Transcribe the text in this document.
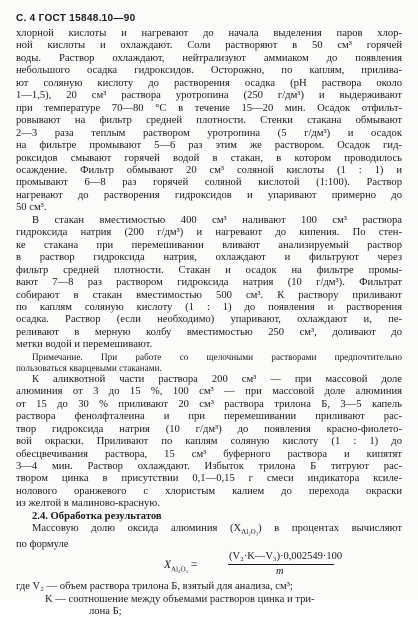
С. 4 ГОСТ 15848.10—90
хлорной кислоты и нагревают до начала выделения паров хлор-
ной кислоты и охлаждают. Соли растворяют в 50 см³ горячей
воды. Раствор охлаждают, нейтрализуют аммиаком до появления
небольшого осадка гидроксидов. Осторожно, по каплям, прилива-
ют соляную кислоту до растворения осадка (рН раствора около
1—1,5), 20 см³ раствора уротропина (250 г/дм³) и выдерживают
при температуре 70—80 °С в течение 15—20 мин. Осадок отфильт-
ровывают на фильтр средней плотности. Стенки стакана обмывают
2—3 раза теплым раствором уротропина (5 г/дм³) и осадок
на фильтре промывают 5—6 раз этим же раствором. Осадок гид-
роксидов смывают горячей водой в стакан, в котором проводилось
осаждение. Фильтр обмывают 20 см³ соляной кислоты (1 : 1) и
промывают 6—8 раз горячей соляной кислотой (1:100). Раствор
нагревают до растворения гидроксидов и упаривают примерно до
50 см³.
В стакан вместимостью 400 см³ наливают 100 см³ раствора
гидроксида натрия (200 г/дм³) и нагревают до кипения. По стен-
ке стакана при перемешивании вливают анализируемый раствор
в раствор гидроксида натрия, охлаждают и фильтруют через
фильтр средней плотности. Стакан и осадок на фильтре промы-
вают 7—8 раз раствором гидроксида натрия (10 г/дм³). Фильтрат
собирают в стакан вместимостью 500 см³. К раствору приливают
по каплям соляную кислоту (1 : 1) до появления и растворения
осадка. Раствор (если необходимо) упаривают, охлаждают и, пе-
реливают в мерную колбу вместимостью 250 см³, доливают до
метки водой и перемешивают.
Примечание. При работе со щелочными растворами предпочтительно
пользоваться кварцевыми стаканами.
К аликвотной части раствора 200 см³ — при массовой доле
алюминия от 3 до 15 %, 100 см³ — при массовой доле алюминия
от 15 до 30 % приливают 20 см³ раствора трилона Б, 3—5 капель
раствора фенолфталеина и при перемешивании приливают рас-
твор гидроксида натрия (10 г/дм³) до появления красно-фиолето-
вой окраски. Приливают по каплям соляную кислоту (1 : 1) до
обесцвечивания раствора, 15 см³ буферного раствора и кипятят
3—4 мин. Раствор охлаждают. Избыток трилона Б титруют рас-
твором цинка в присутствии 0,1—0,15 г смеси индикатора ксиле-
нолового оранжевого с хлористым калием до перехода окраски
из желтой в малиново-красную.
2.4. Обработка результатов
Массовую долю оксида алюминия $(X_{Al_2O_3})$ в процентах вычисляют
по формуле
$X_{Al_2O_3}$ =
(V₂·K—V₃)·0,002549·100
m
где V₂ — объем раствора трилона Б, взятый для анализа, см³;
K — соотношение между объемами растворов цинка и три-
лона Б;
